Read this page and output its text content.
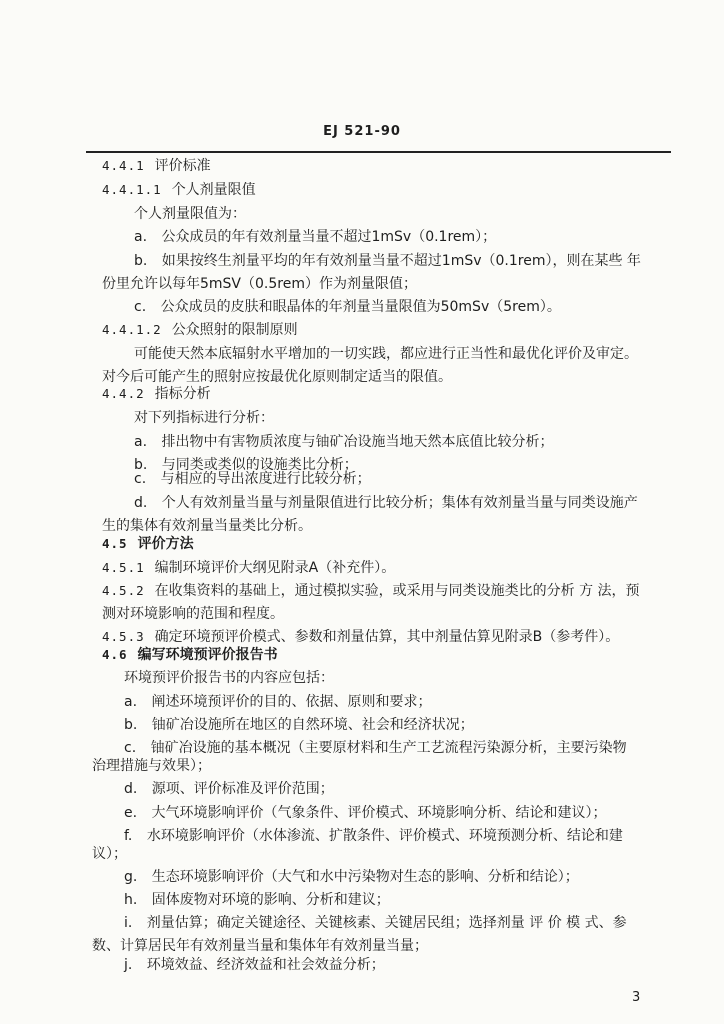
EJ 521-90
4.4.1 评价标准
4.4.1.1 个人剂量限值
个人剂量限值为：
a. 公众成员的年有效剂量当量不超过1mSv（0.1rem）；
b. 如果按终生剂量平均的年有效剂量当量不超过1mSv（0.1rem），则在某些 年
份里允许以每年5mSV（0.5rem）作为剂量限值；
c. 公众成员的皮肤和眼晶体的年剂量当量限值为50mSv（5rem）。
4.4.1.2 公众照射的限制原则
可能使天然本底辐射水平增加的一切实践，都应进行正当性和最优化评价及审定。
对今后可能产生的照射应按最优化原则制定适当的限值。
4.4.2 指标分析
对下列指标进行分析：
a. 排出物中有害物质浓度与铀矿冶设施当地天然本底值比较分析；
b. 与同类或类似的设施类比分析；
c. 与相应的导出浓度进行比较分析；
d. 个人有效剂量当量与剂量限值进行比较分析；集体有效剂量当量与同类设施产
生的集体有效剂量当量类比分析。
4.5 评价方法
4.5.1 编制环境评价大纲见附录A（补充件）。
4.5.2 在收集资料的基础上，通过模拟实验，或采用与同类设施类比的分析 方 法，预
测对环境影响的范围和程度。
4.5.3 确定环境预评价模式、参数和剂量估算，其中剂量估算见附录B（参考件）。
4.6 编写环境预评价报告书
环境预评价报告书的内容应包括：
a. 阐述环境预评价的目的、依据、原则和要求；
b. 铀矿冶设施所在地区的自然环境、社会和经济状况；
c. 铀矿冶设施的基本概况（主要原材料和生产工艺流程污染源分析，主要污染物
治理措施与效果）；
d. 源项、评价标准及评价范围；
e. 大气环境影响评价（气象条件、评价模式、环境影响分析、结论和建议）；
f. 水环境影响评价（水体渗流、扩散条件、评价模式、环境预测分析、结论和建
议）；
g. 生态环境影响评价（大气和水中污染物对生态的影响、分析和结论）；
h. 固体废物对环境的影响、分析和建议；
i. 剂量估算；确定关键途径、关键核素、关键居民组；选择剂量 评 价 模 式、参
数、计算居民年有效剂量当量和集体年有效剂量当量；
j. 环境效益、经济效益和社会效益分析；
3
